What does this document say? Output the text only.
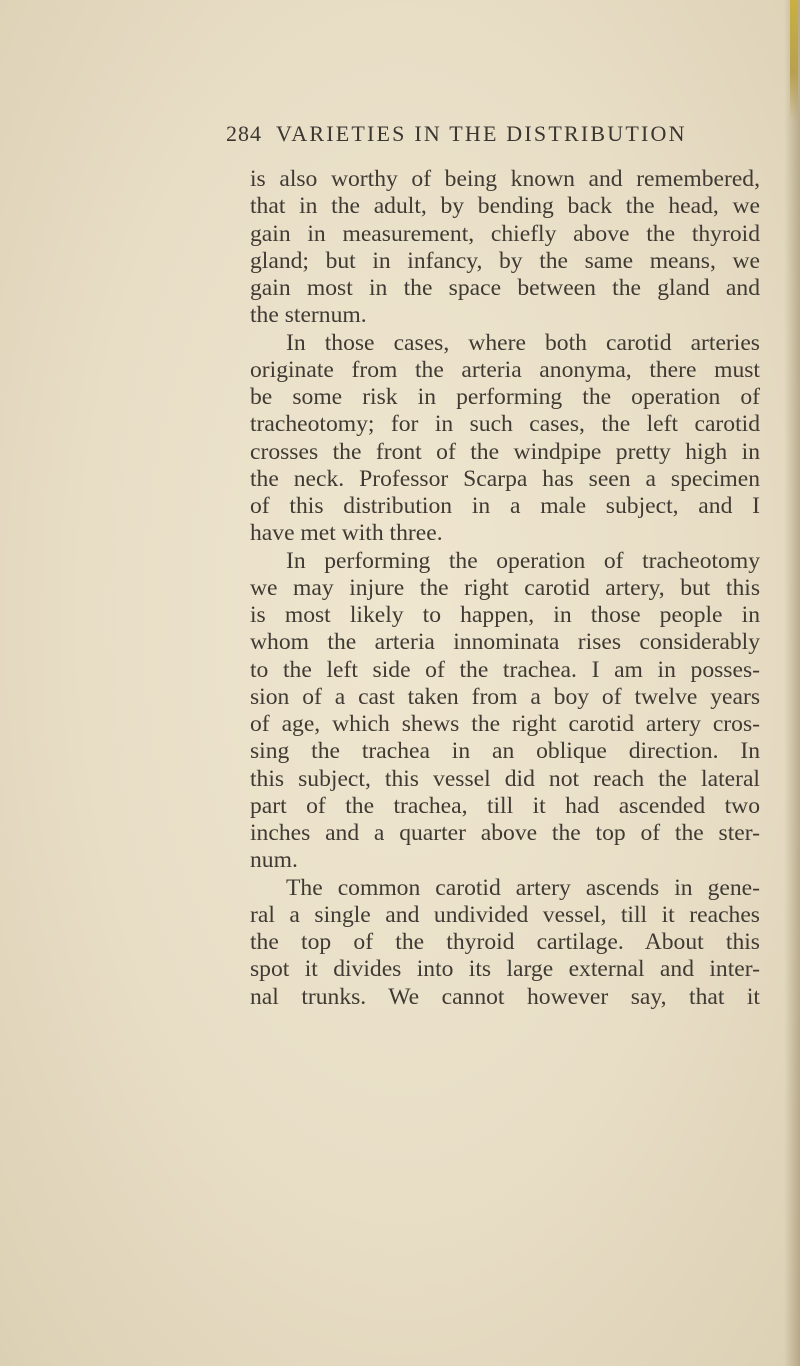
284 VARIETIES IN THE DISTRIBUTION

is also worthy of being known and remembered,
that in the adult, by bending back the head, we
gain in measurement, chiefly above the thyroid
gland; but in infancy, by the same means, we
gain most in the space between the gland and
the sternum.

In those cases, where both carotid arteries
originate from the arteria anonyma, there must
be some risk in performing the operation of
tracheotomy; for in such cases, the left carotid
crosses the front of the windpipe pretty high in
the neck. Professor Scarpa has seen a specimen
of this distribution in a male subject, and I
have met with three.

In performing the operation of tracheotomy
we may injure the right carotid artery, but this
is most likely to happen, in those people in
whom the arteria innominata rises considerably
to the left side of the trachea. I am in posses-
sion of a cast taken from a boy of twelve years
of age, which shews the right carotid artery cros-
sing the trachea in an oblique direction. In
this subject, this vessel did not reach the lateral
part of the trachea, till it had ascended two
inches and a quarter above the top of the ster-
num.

The common carotid artery ascends in gene-
ral a single and undivided vessel, till it reaches
the top of the thyroid cartilage. About this
spot it divides into its large external and inter-
nal trunks. We cannot however say, that it
